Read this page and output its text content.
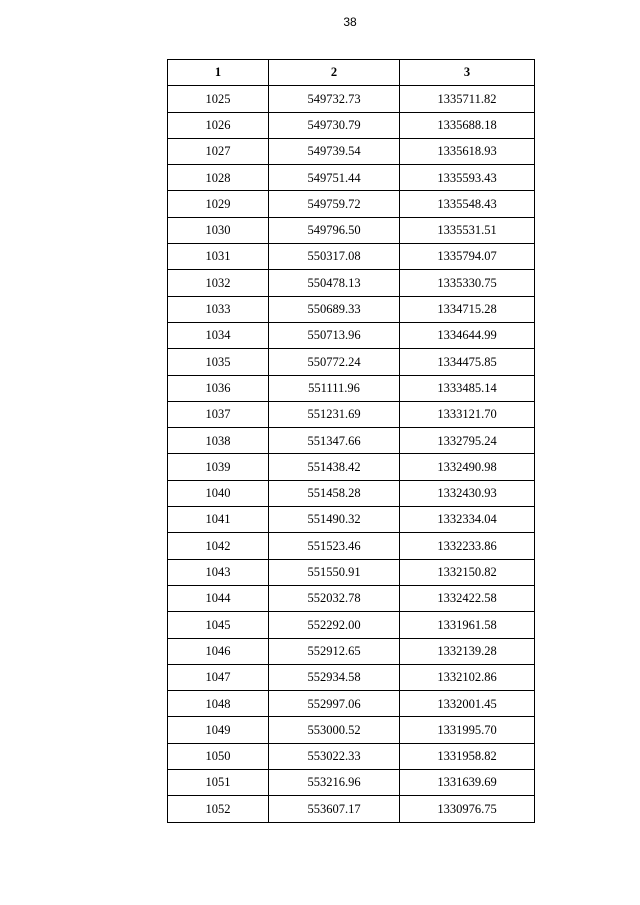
38
1	2	3
1025	549732.73	1335711.82
1026	549730.79	1335688.18
1027	549739.54	1335618.93
1028	549751.44	1335593.43
1029	549759.72	1335548.43
1030	549796.50	1335531.51
1031	550317.08	1335794.07
1032	550478.13	1335330.75
1033	550689.33	1334715.28
1034	550713.96	1334644.99
1035	550772.24	1334475.85
1036	551111.96	1333485.14
1037	551231.69	1333121.70
1038	551347.66	1332795.24
1039	551438.42	1332490.98
1040	551458.28	1332430.93
1041	551490.32	1332334.04
1042	551523.46	1332233.86
1043	551550.91	1332150.82
1044	552032.78	1332422.58
1045	552292.00	1331961.58
1046	552912.65	1332139.28
1047	552934.58	1332102.86
1048	552997.06	1332001.45
1049	553000.52	1331995.70
1050	553022.33	1331958.82
1051	553216.96	1331639.69
1052	553607.17	1330976.75
